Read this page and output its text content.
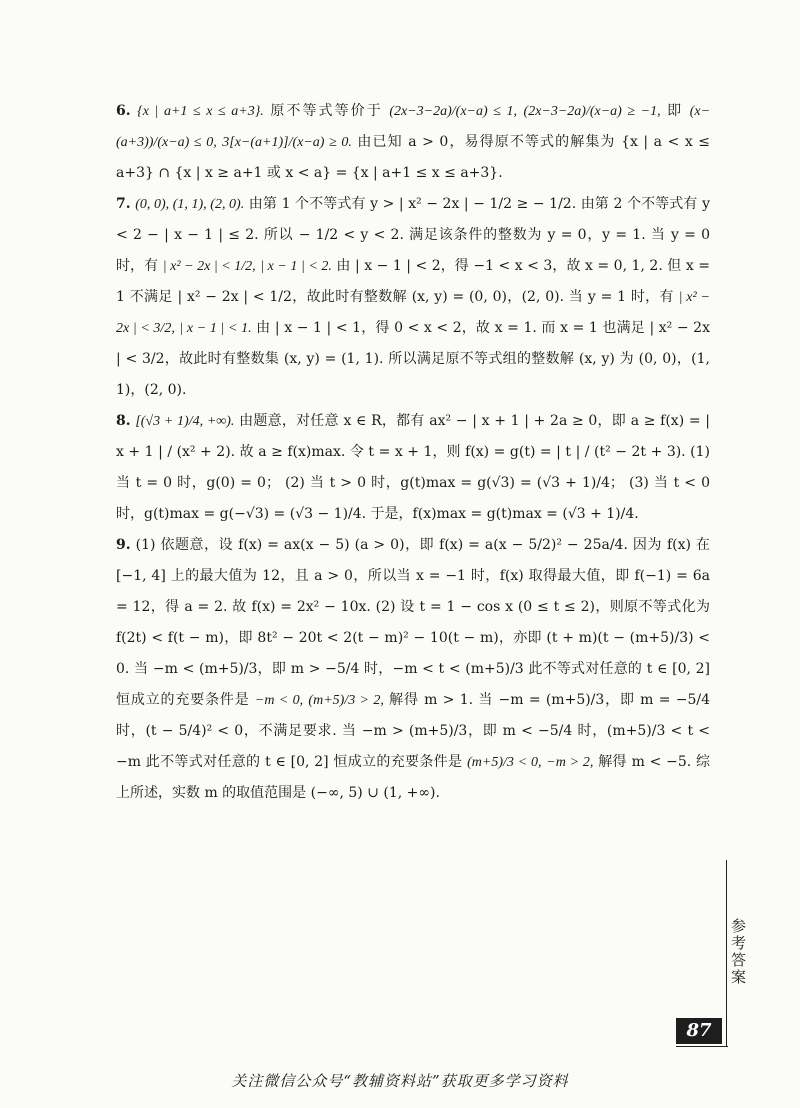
6. {x | a+1 ≤ x ≤ a+3}. 原不等式等价于 (2x−3−2a)/(x−a) ≤ 1, (2x−3−2a)/(x−a) ≥ −1, 即 (x−(a+3))/(x−a) ≤ 0, 3[x−(a+1)]/(x−a) ≥ 0. 由已知 a > 0，易得原不等式的解集为 {x | a < x ≤ a+3} ∩ {x | x ≥ a+1 或 x < a} = {x | a+1 ≤ x ≤ a+3}.

7. (0, 0), (1, 1), (2, 0). 由第 1 个不等式有 y > | x² − 2x | − 1/2 ≥ − 1/2. 由第 2 个不等式有 y < 2 − | x − 1 | ≤ 2. 所以 − 1/2 < y < 2. 满足该条件的整数为 y = 0，y = 1. 当 y = 0 时，有 | x² − 2x | < 1/2, | x − 1 | < 2. 由 | x − 1 | < 2，得 −1 < x < 3，故 x = 0, 1, 2. 但 x = 1 不满足 | x² − 2x | < 1/2，故此时有整数解 (x, y) = (0, 0)，(2, 0). 当 y = 1 时，有 | x² − 2x | < 3/2, | x − 1 | < 1. 由 | x − 1 | < 1，得 0 < x < 2，故 x = 1. 而 x = 1 也满足 | x² − 2x | < 3/2，故此时有整数集 (x, y) = (1, 1). 所以满足原不等式组的整数解 (x, y) 为 (0, 0)，(1, 1)，(2, 0).

8. [(√3 + 1)/4, +∞). 由题意，对任意 x ∈ R，都有 ax² − | x + 1 | + 2a ≥ 0，即 a ≥ f(x) = | x + 1 | / (x² + 2). 故 a ≥ f(x)max. 令 t = x + 1，则 f(x) = g(t) = | t | / (t² − 2t + 3). (1) 当 t = 0 时，g(0) = 0； (2) 当 t > 0 时，g(t)max = g(√3) = (√3 + 1)/4； (3) 当 t < 0 时，g(t)max = g(−√3) = (√3 − 1)/4. 于是，f(x)max = g(t)max = (√3 + 1)/4.

9. (1) 依题意，设 f(x) = ax(x − 5) (a > 0)，即 f(x) = a(x − 5/2)² − 25a/4. 因为 f(x) 在 [−1, 4] 上的最大值为 12，且 a > 0，所以当 x = −1 时，f(x) 取得最大值，即 f(−1) = 6a = 12，得 a = 2. 故 f(x) = 2x² − 10x. (2) 设 t = 1 − cos x (0 ≤ t ≤ 2)，则原不等式化为 f(2t) < f(t − m)，即 8t² − 20t < 2(t − m)² − 10(t − m)，亦即 (t + m)(t − (m+5)/3) < 0. 当 −m < (m+5)/3，即 m > −5/4 时，−m < t < (m+5)/3 此不等式对任意的 t ∈ [0, 2] 恒成立的充要条件是 −m < 0, (m+5)/3 > 2, 解得 m > 1. 当 −m = (m+5)/3，即 m = −5/4 时，(t − 5/4)² < 0，不满足要求. 当 −m > (m+5)/3，即 m < −5/4 时，(m+5)/3 < t < −m 此不等式对任意的 t ∈ [0, 2] 恒成立的充要条件是 (m+5)/3 < 0, −m > 2, 解得 m < −5. 综上所述，实数 m 的取值范围是 (−∞, 5) ∪ (1, +∞).

参考答案
87
关注微信公众号“教辅资料站”获取更多学习资料
